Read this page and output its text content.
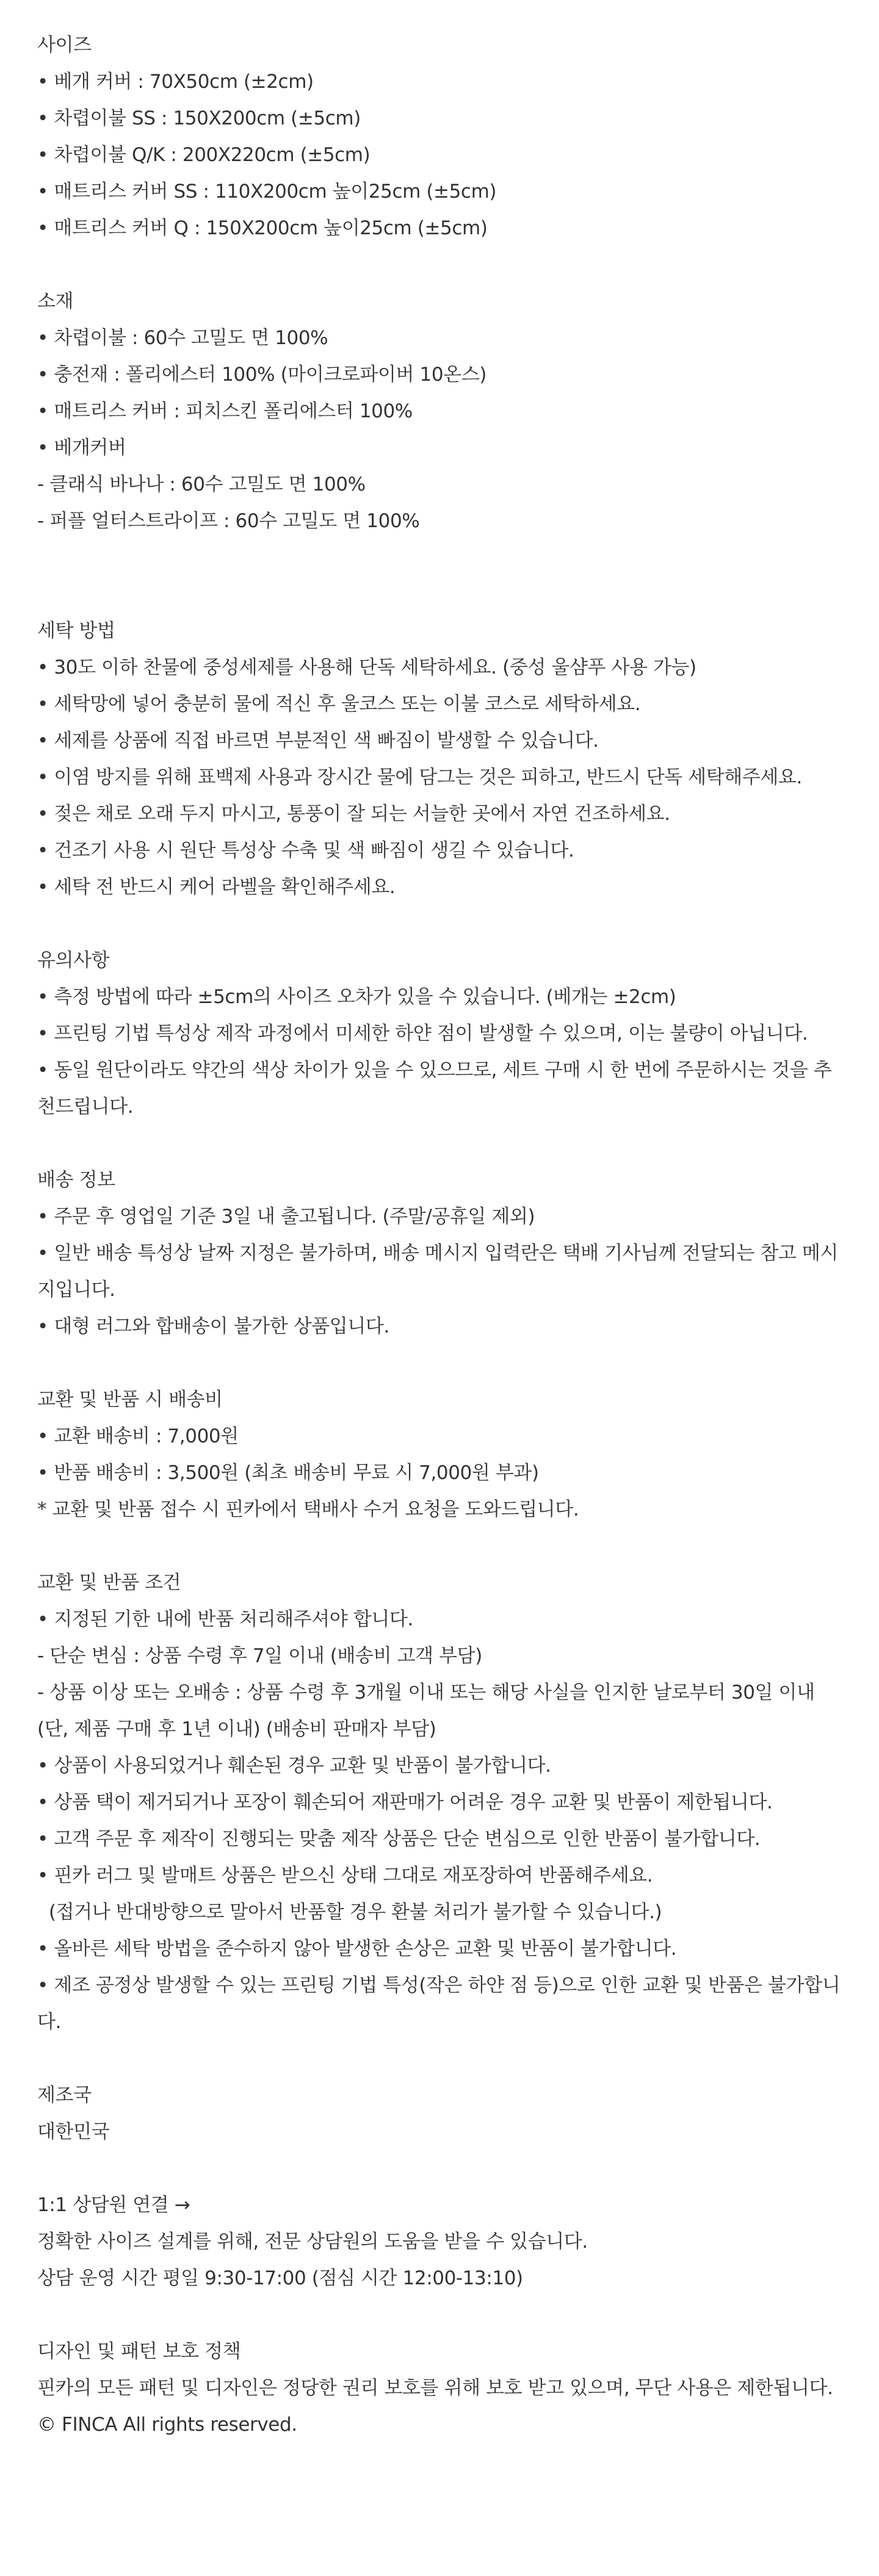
사이즈
• 베개 커버 : 70X50cm (±2cm)
• 차렵이불 SS : 150X200cm (±5cm)
• 차렵이불 Q/K : 200X220cm (±5cm)
• 매트리스 커버 SS : 110X200cm 높이25cm (±5cm)
• 매트리스 커버 Q : 150X200cm 높이25cm (±5cm)
소재
• 차렵이불 : 60수 고밀도 면 100%
• 충전재 : 폴리에스터 100% (마이크로파이버 10온스)
• 매트리스 커버 : 피치스킨 폴리에스터 100%
• 베개커버
- 클래식 바나나 : 60수 고밀도 면 100%
- 퍼플 얼터스트라이프 : 60수 고밀도 면 100%
세탁 방법
• 30도 이하 찬물에 중성세제를 사용해 단독 세탁하세요. (중성 울샴푸 사용 가능)
• 세탁망에 넣어 충분히 물에 적신 후 울코스 또는 이불 코스로 세탁하세요.
• 세제를 상품에 직접 바르면 부분적인 색 빠짐이 발생할 수 있습니다.
• 이염 방지를 위해 표백제 사용과 장시간 물에 담그는 것은 피하고, 반드시 단독 세탁해주세요.
• 젖은 채로 오래 두지 마시고, 통풍이 잘 되는 서늘한 곳에서 자연 건조하세요.
• 건조기 사용 시 원단 특성상 수축 및 색 빠짐이 생길 수 있습니다.
• 세탁 전 반드시 케어 라벨을 확인해주세요.
유의사항
• 측정 방법에 따라 ±5cm의 사이즈 오차가 있을 수 있습니다. (베개는 ±2cm)
• 프린팅 기법 특성상 제작 과정에서 미세한 하얀 점이 발생할 수 있으며, 이는 불량이 아닙니다.
• 동일 원단이라도 약간의 색상 차이가 있을 수 있으므로, 세트 구매 시 한 번에 주문하시는 것을 추천드립니다.
배송 정보
• 주문 후 영업일 기준 3일 내 출고됩니다. (주말/공휴일 제외)
• 일반 배송 특성상 날짜 지정은 불가하며, 배송 메시지 입력란은 택배 기사님께 전달되는 참고 메시지입니다.
• 대형 러그와 합배송이 불가한 상품입니다.
교환 및 반품 시 배송비
• 교환 배송비 : 7,000원
• 반품 배송비 : 3,500원 (최초 배송비 무료 시 7,000원 부과)
* 교환 및 반품 접수 시 핀카에서 택배사 수거 요청을 도와드립니다.
교환 및 반품 조건
• 지정된 기한 내에 반품 처리해주셔야 합니다.
- 단순 변심 : 상품 수령 후 7일 이내 (배송비 고객 부담)
- 상품 이상 또는 오배송 : 상품 수령 후 3개월 이내 또는 해당 사실을 인지한 날로부터 30일 이내 (단, 제품 구매 후 1년 이내) (배송비 판매자 부담)
• 상품이 사용되었거나 훼손된 경우 교환 및 반품이 불가합니다.
• 상품 택이 제거되거나 포장이 훼손되어 재판매가 어려운 경우 교환 및 반품이 제한됩니다.
• 고객 주문 후 제작이 진행되는 맞춤 제작 상품은 단순 변심으로 인한 반품이 불가합니다.
• 핀카 러그 및 발매트 상품은 받으신 상태 그대로 재포장하여 반품해주세요.
(접거나 반대방향으로 말아서 반품할 경우 환불 처리가 불가할 수 있습니다.)
• 올바른 세탁 방법을 준수하지 않아 발생한 손상은 교환 및 반품이 불가합니다.
• 제조 공정상 발생할 수 있는 프린팅 기법 특성(작은 하얀 점 등)으로 인한 교환 및 반품은 불가합니다.
제조국
대한민국
1:1 상담원 연결 →
정확한 사이즈 설계를 위해, 전문 상담원의 도움을 받을 수 있습니다.
상담 운영 시간 평일 9:30-17:00 (점심 시간 12:00-13:10)
디자인 및 패턴 보호 정책
핀카의 모든 패턴 및 디자인은 정당한 권리 보호를 위해 보호 받고 있으며, 무단 사용은 제한됩니다.
© FINCA All rights reserved.
